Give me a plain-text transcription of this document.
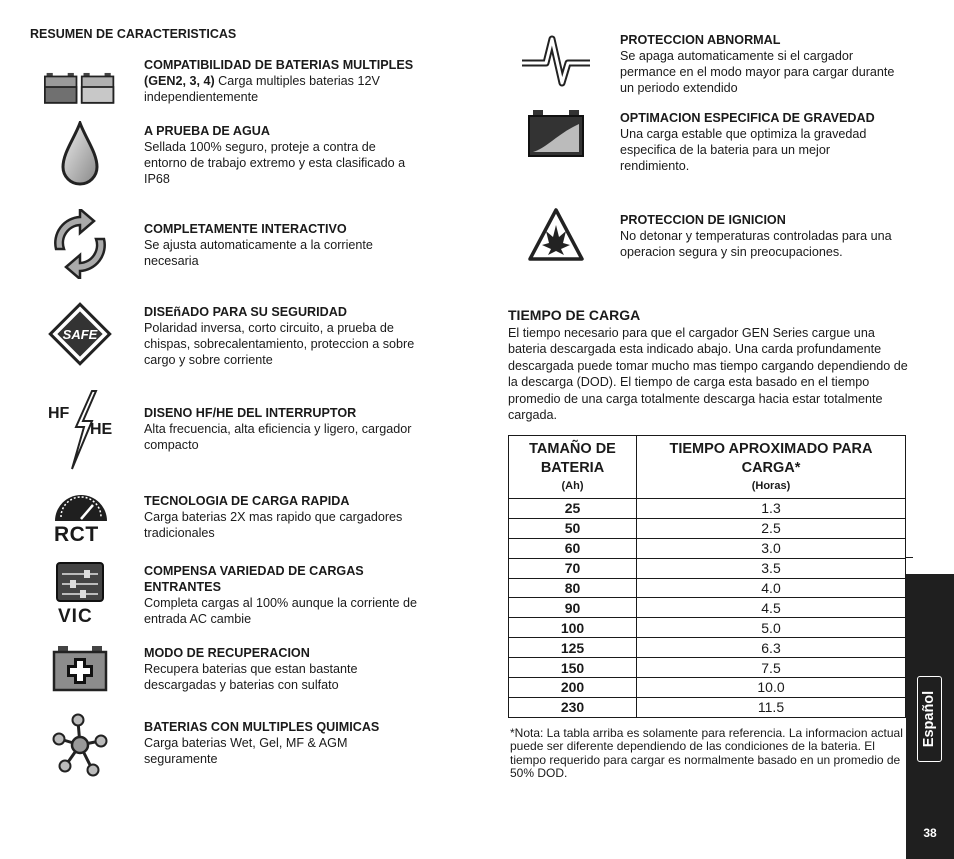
RESUMEN DE CARACTERISTICAS
COMPATIBILIDAD DE BATERIAS MULTIPLES (GEN2, 3, 4) Carga multiples baterias 12V independientemente
A PRUEBA DE AGUA
Sellada 100% seguro, proteje a contra de entorno de trabajo extremo y esta clasificado a IP68
COMPLETAMENTE INTERACTIVO
Se ajusta automaticamente a la corriente necesaria
SAFE
DISEñADO PARA SU SEGURIDAD
Polaridad inversa, corto circuito, a prueba de chispas, sobrecalentamiento, proteccion a sobre cargo y sobre corriente
HF
HE
DISENO HF/HE DEL INTERRUPTOR
Alta frecuencia, alta eficiencia y ligero, cargador compacto
RCT
TECNOLOGIA DE CARGA RAPIDA
Carga baterias 2X mas rapido que cargadores tradicionales
VIC
COMPENSA VARIEDAD DE CARGAS ENTRANTES
Completa cargas al 100% aunque la corriente de entrada AC cambie
MODO DE RECUPERACION
Recupera baterias que estan bastante descargadas y baterias con sulfato
BATERIAS CON MULTIPLES QUIMICAS
Carga baterias Wet, Gel, MF & AGM seguramente
PROTECCION ABNORMAL
Se apaga automaticamente si el cargador permance en el modo mayor para cargar durante un periodo extendido
OPTIMACION ESPECIFICA DE GRAVEDAD
Una carga estable que optimiza la gravedad especifica de la bateria para un mejor rendimiento.
PROTECCION DE IGNICION
No detonar y temperaturas controladas para una operacion segura y sin preocupaciones.
TIEMPO DE CARGA
El tiempo necesario para que el cargador GEN Series cargue una bateria descargada esta indicado abajo. Una carda profundamente descargada puede tomar mucho mas tiempo cargando dependiendo de la descarga (DOD). El tiempo de carga esta basado en el tiempo promedio de una carga totalmente descarga hacia estar totalmente cargada.
TAMAÑO DE BATERIA
(Ah)	TIEMPO APROXIMADO PARA CARGA*
(Horas)

25	1.3
50	2.5
60	3.0
70	3.5
80	4.0
90	4.5
100	5.0
125	6.3
150	7.5
200	10.0
230	11.5
*Nota: La tabla arriba es solamente para referencia. La informacion actual puede ser diferente dependiendo de las condiciones de la bateria. El tiempo requerido para cargar es normalmente basado en un promedio de 50% DOD.
Español
38
